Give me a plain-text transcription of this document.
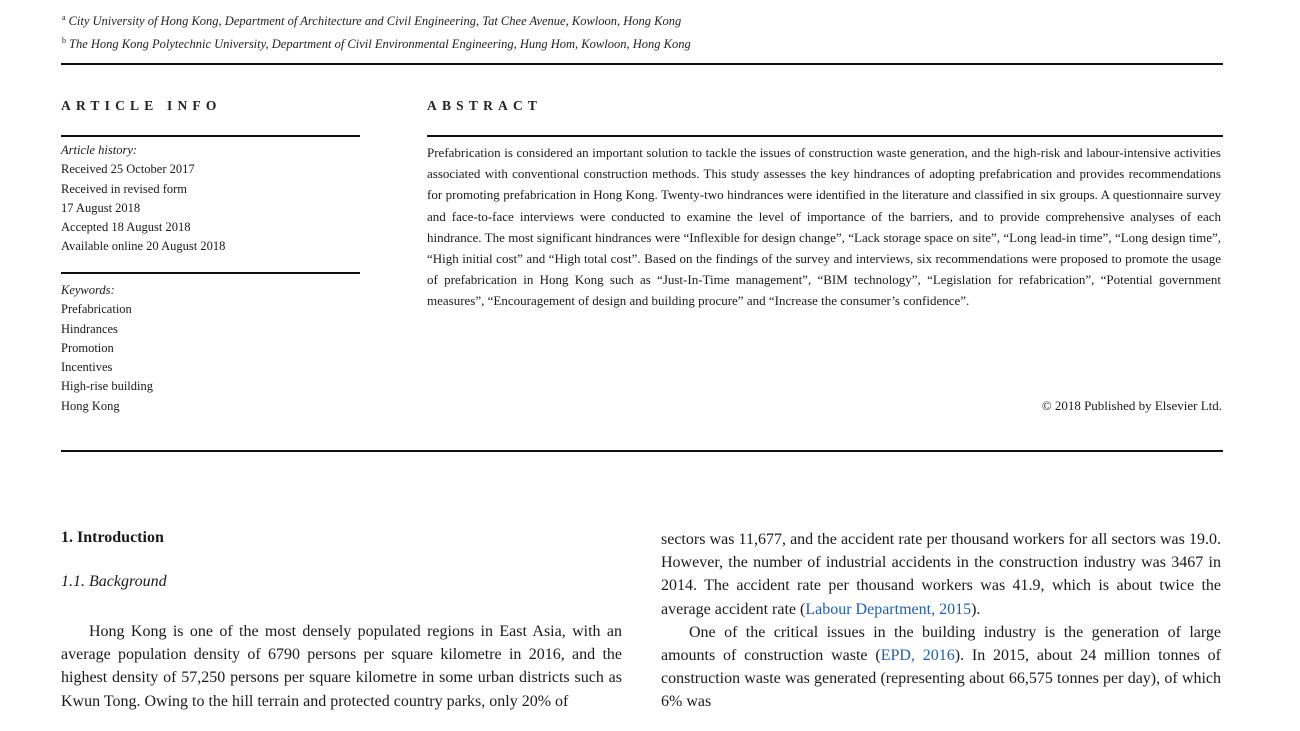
$^a$ City University of Hong Kong, Department of Architecture and Civil Engineering, Tat Chee Avenue, Kowloon, Hong Kong
$^b$ The Hong Kong Polytechnic University, Department of Civil Environmental Engineering, Hung Hom, Kowloon, Hong Kong
ARTICLE INFO	ABSTRACT
Article history:
Received 25 October 2017
Received in revised form
17 August 2018
Accepted 18 August 2018
Available online 20 August 2018
Keywords:
Prefabrication
Hindrances
Promotion
Incentives
High-rise building
Hong Kong
Prefabrication is considered an important solution to tackle the issues of construction waste generation, and the high-risk and labour-intensive activities associated with conventional construction methods. This study assesses the key hindrances of adopting prefabrication and provides recommendations for promoting prefabrication in Hong Kong. Twenty-two hindrances were identified in the literature and classified in six groups. A questionnaire survey and face-to-face interviews were conducted to examine the level of importance of the barriers, and to provide comprehensive analyses of each hindrance. The most significant hindrances were “Inflexible for design change”, “Lack storage space on site”, “Long lead-in time”, “Long design time”, “High initial cost” and “High total cost”. Based on the findings of the survey and interviews, six recommendations were proposed to promote the usage of prefabrication in Hong Kong such as “Just-In-Time management”, “BIM technology”, “Legislation for refabrication”, “Potential government measures”, “Encouragement of design and building procure” and “Increase the consumer’s confidence”.
© 2018 Published by Elsevier Ltd.
1. Introduction
1.1. Background
Hong Kong is one of the most densely populated regions in East Asia, with an average population density of 6790 persons per square kilometre in 2016, and the highest density of 57,250 persons per square kilometre in some urban districts such as Kwun Tong. Owing to the hill terrain and protected country parks, only 20% of

sectors was 11,677, and the accident rate per thousand workers for all sectors was 19.0. However, the number of industrial accidents in the construction industry was 3467 in 2014. The accident rate per thousand workers was 41.9, which is about twice the average accident rate (Labour Department, 2015).

One of the critical issues in the building industry is the generation of large amounts of construction waste (EPD, 2016). In 2015, about 24 million tonnes of construction waste was generated (representing about 66,575 tonnes per day), of which 6% was
